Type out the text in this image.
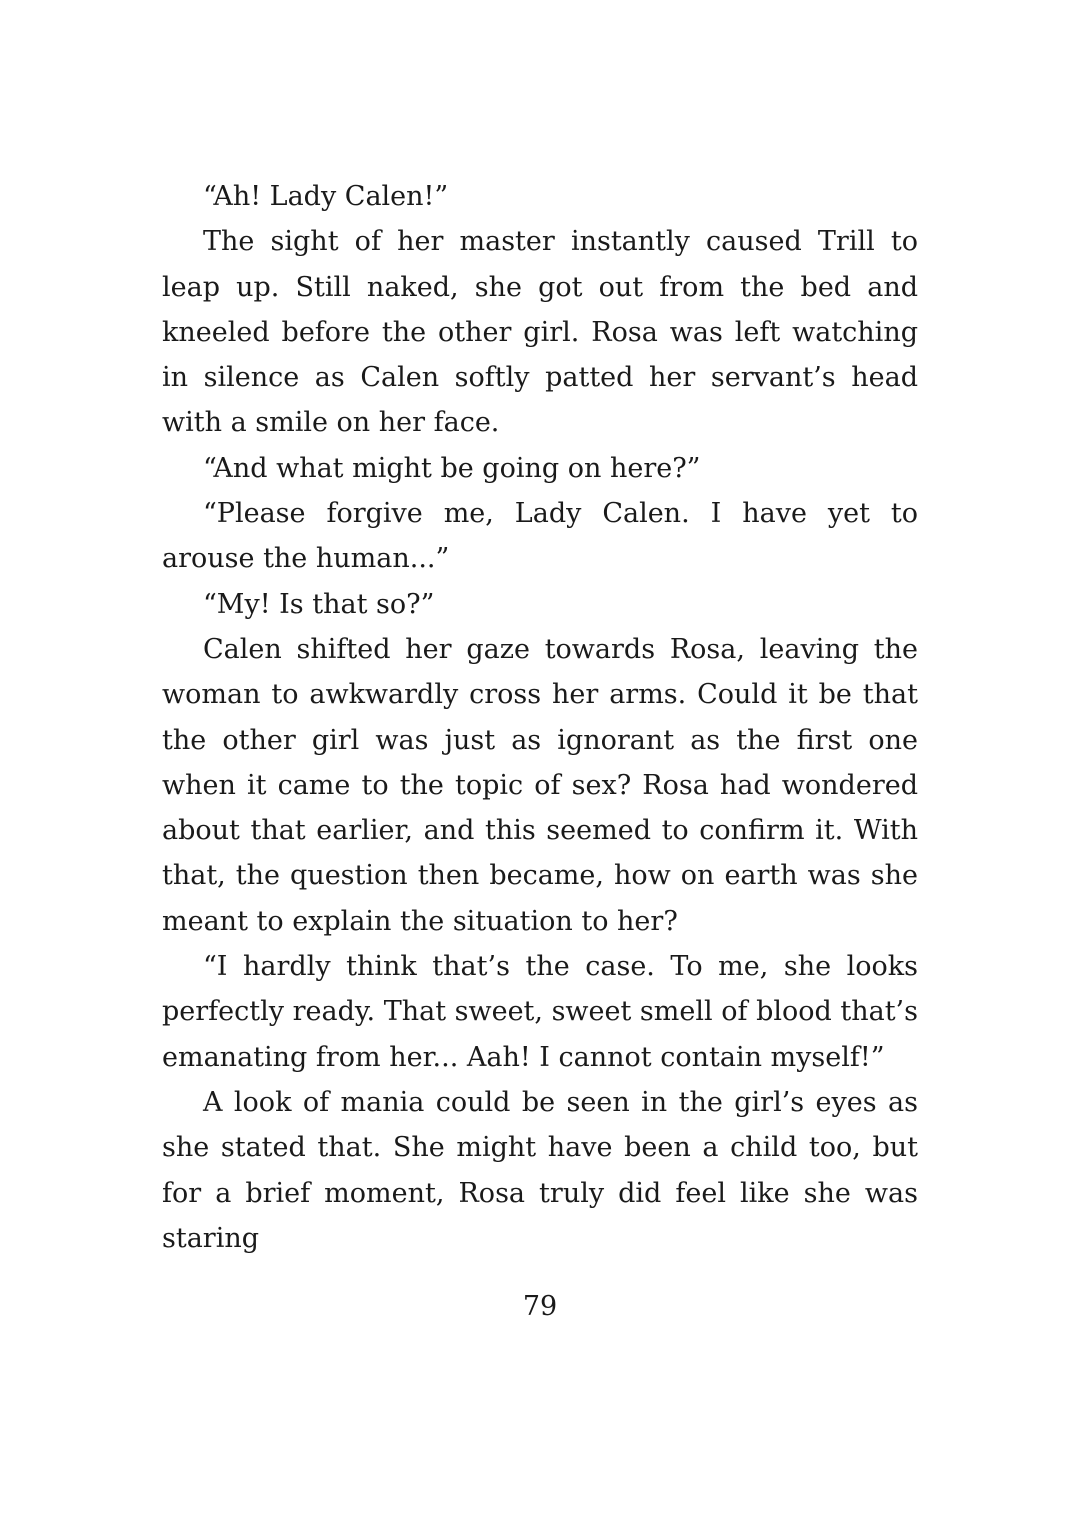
“Ah! Lady Calen!”

The sight of her master instantly caused Trill to leap up. Still naked, she got out from the bed and kneeled before the other girl. Rosa was left watching in silence as Calen softly patted her servant’s head with a smile on her face.

“And what might be going on here?”

“Please forgive me, Lady Calen. I have yet to arouse the human...”

“My! Is that so?”

Calen shifted her gaze towards Rosa, leaving the woman to awkwardly cross her arms. Could it be that the other girl was just as ignorant as the first one when it came to the topic of sex? Rosa had wondered about that earlier, and this seemed to confirm it. With that, the question then became, how on earth was she meant to explain the situation to her?

“I hardly think that’s the case. To me, she looks perfectly ready. That sweet, sweet smell of blood that’s emanating from her... Aah! I cannot contain myself!”

A look of mania could be seen in the girl’s eyes as she stated that. She might have been a child too, but for a brief moment, Rosa truly did feel like she was staring

79
